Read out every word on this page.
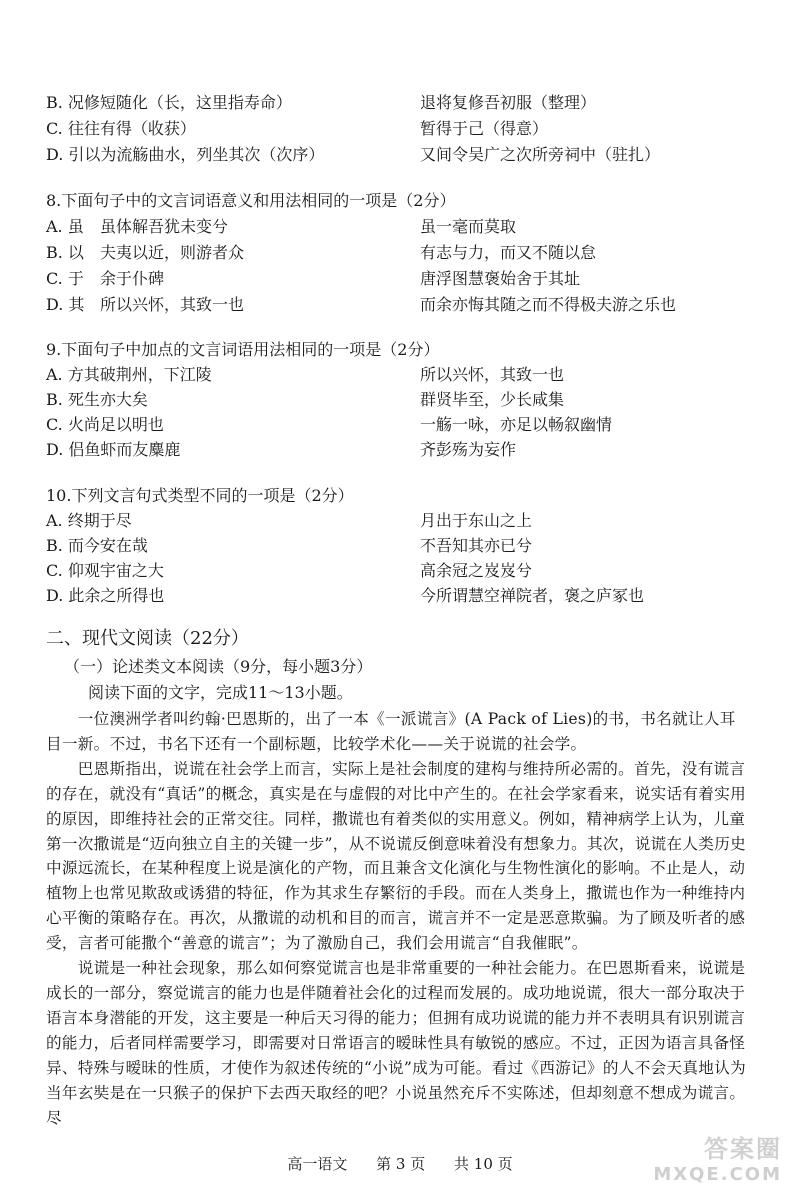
B. 况修短随化（长，这里指寿命）	退将复修吾初服（整理）
C. 往往有得（收获）	暂得于己（得意）
D. 引以为流觞曲水，列坐其次（次序）	又间令吴广之次所旁祠中（驻扎）
8.下面句子中的文言词语意义和用法相同的一项是（2分）
A. 虽 虽体解吾犹未变兮	虽一毫而莫取
B. 以 夫夷以近，则游者众	有志与力，而又不随以怠
C. 于 余于仆碑	唐浮图慧褒始舍于其址
D. 其 所以兴怀，其致一也	而余亦悔其随之而不得极夫游之乐也
9.下面句子中加点的文言词语用法相同的一项是（2分）
A. 方其破荆州，下江陵	所以兴怀，其致一也
B. 死生亦大矣	群贤毕至，少长咸集
C. 火尚足以明也	一觞一咏，亦足以畅叙幽情
D. 侣鱼虾而友麋鹿	齐彭殇为妄作
10.下列文言句式类型不同的一项是（2分）
A. 终期于尽	月出于东山之上
B. 而今安在哉	不吾知其亦已兮
C. 仰观宇宙之大	高余冠之岌岌兮
D. 此余之所得也	今所谓慧空禅院者，褒之庐冢也
二、现代文阅读（22分）
（一）论述类文本阅读（9分，每小题3分）
阅读下面的文字，完成11～13小题。

　　一位澳洲学者叫约翰·巴恩斯的，出了一本《一派谎言》(A Pack of Lies)的书，书名就让人耳目一新。不过，书名下还有一个副标题，比较学术化——关于说谎的社会学。

　　巴恩斯指出，说谎在社会学上而言，实际上是社会制度的建构与维持所必需的。首先，没有谎言的存在，就没有“真话”的概念，真实是在与虚假的对比中产生的。在社会学家看来，说实话有着实用的原因，即维持社会的正常交往。同样，撒谎也有着类似的实用意义。例如，精神病学上认为，儿童第一次撒谎是“迈向独立自主的关键一步”，从不说谎反倒意味着没有想象力。其次，说谎在人类历史中源远流长，在某种程度上说是演化的产物，而且兼含文化演化与生物性演化的影响。不止是人，动植物上也常见欺敌或诱猎的特征，作为其求生存繁衍的手段。而在人类身上，撒谎也作为一种维持内心平衡的策略存在。再次，从撒谎的动机和目的而言，谎言并不一定是恶意欺骗。为了顾及听者的感受，言者可能撒个“善意的谎言”；为了激励自己，我们会用谎言“自我催眠”。

　　说谎是一种社会现象，那么如何察觉谎言也是非常重要的一种社会能力。在巴恩斯看来，说谎是成长的一部分，察觉谎言的能力也是伴随着社会化的过程而发展的。成功地说谎，很大一部分取决于语言本身潜能的开发，这主要是一种后天习得的能力；但拥有成功说谎的能力并不表明具有识别谎言的能力，后者同样需要学习，即需要对日常语言的暧昧性具有敏锐的感应。不过，正因为语言具备怪异、特殊与暧昧的性质，才使作为叙述传统的“小说”成为可能。看过《西游记》的人不会天真地认为当年玄奘是在一只猴子的保护下去西天取经的吧？小说虽然充斥不实陈述，但却刻意不想成为谎言。尽

高一语文 第 3 页 共 10 页
答案圈
MXQE.COM
